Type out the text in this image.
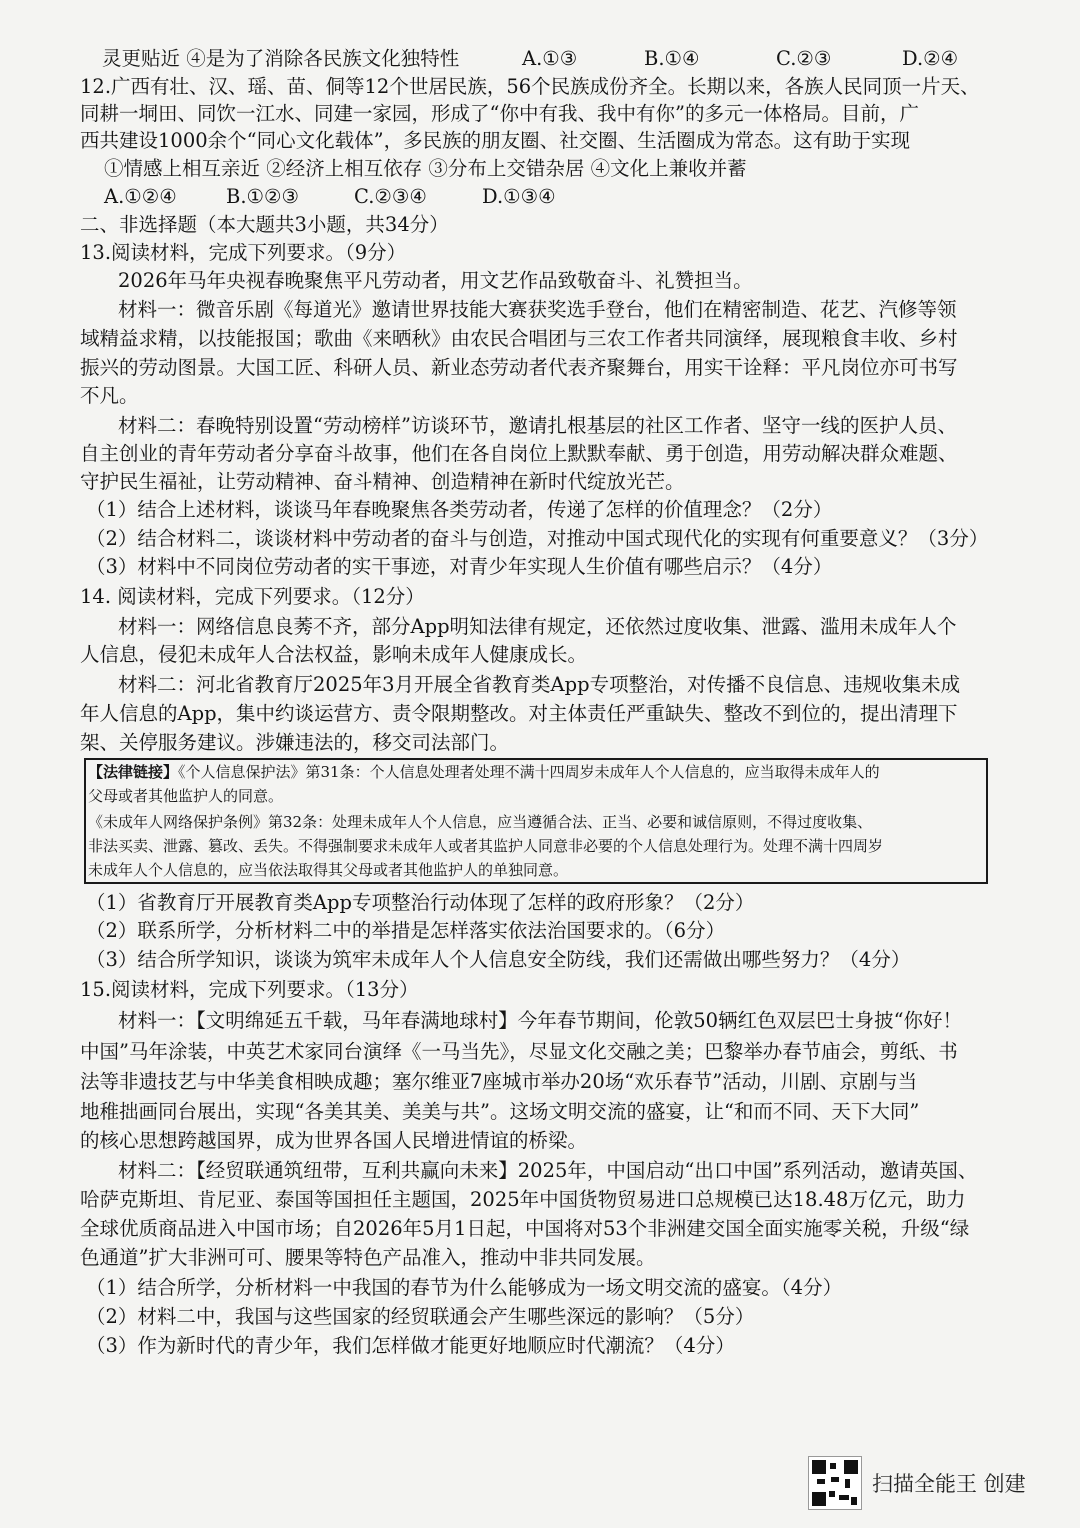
灵更贴近 ④是为了消除各民族文化独特性	A.①③	B.①④	C.②③	D.②④
12.广西有壮、汉、瑶、苗、侗等12个世居民族，56个民族成份齐全。长期以来，各族人民同顶一片天、
同耕一垌田、同饮一江水、同建一家园，形成了“你中有我、我中有你”的多元一体格局。目前，广
西共建设1000余个“同心文化载体”，多民族的朋友圈、社交圈、生活圈成为常态。这有助于实现
①情感上相互亲近 ②经济上相互依存 ③分布上交错杂居 ④文化上兼收并蓄
A.①②④	B.①②③	C.②③④	D.①③④
二、非选择题（本大题共3小题，共34分）
13.阅读材料，完成下列要求。（9分）
2026年马年央视春晚聚焦平凡劳动者，用文艺作品致敬奋斗、礼赞担当。
材料一：微音乐剧《每道光》邀请世界技能大赛获奖选手登台，他们在精密制造、花艺、汽修等领
域精益求精，以技能报国；歌曲《来晒秋》由农民合唱团与三农工作者共同演绎，展现粮食丰收、乡村
振兴的劳动图景。大国工匠、科研人员、新业态劳动者代表齐聚舞台，用实干诠释：平凡岗位亦可书写
不凡。
材料二：春晚特别设置“劳动榜样”访谈环节，邀请扎根基层的社区工作者、坚守一线的医护人员、
自主创业的青年劳动者分享奋斗故事，他们在各自岗位上默默奉献、勇于创造，用劳动解决群众难题、
守护民生福祉，让劳动精神、奋斗精神、创造精神在新时代绽放光芒。
（1）结合上述材料，谈谈马年春晚聚焦各类劳动者，传递了怎样的价值理念？（2分）
（2）结合材料二，谈谈材料中劳动者的奋斗与创造，对推动中国式现代化的实现有何重要意义？（3分）
（3）材料中不同岗位劳动者的实干事迹，对青少年实现人生价值有哪些启示？（4分）
14. 阅读材料，完成下列要求。（12分）
材料一：网络信息良莠不齐，部分App明知法律有规定，还依然过度收集、泄露、滥用未成年人个
人信息，侵犯未成年人合法权益，影响未成年人健康成长。
材料二：河北省教育厅2025年3月开展全省教育类App专项整治，对传播不良信息、违规收集未成
年人信息的App，集中约谈运营方、责令限期整改。对主体责任严重缺失、整改不到位的，提出清理下
架、关停服务建议。涉嫌违法的，移交司法部门。
【法律链接】《个人信息保护法》第31条：个人信息处理者处理不满十四周岁未成年人个人信息的，应当取得未成年人的
父母或者其他监护人的同意。
《未成年人网络保护条例》第32条：处理未成年人个人信息，应当遵循合法、正当、必要和诚信原则，不得过度收集、
非法买卖、泄露、篡改、丢失。不得强制要求未成年人或者其监护人同意非必要的个人信息处理行为。处理不满十四周岁
未成年人个人信息的，应当依法取得其父母或者其他监护人的单独同意。
（1）省教育厅开展教育类App专项整治行动体现了怎样的政府形象？（2分）
（2）联系所学，分析材料二中的举措是怎样落实依法治国要求的。（6分）
（3）结合所学知识，谈谈为筑牢未成年人个人信息安全防线，我们还需做出哪些努力？（4分）
15.阅读材料，完成下列要求。（13分）
材料一：【文明绵延五千载，马年春满地球村】今年春节期间，伦敦50辆红色双层巴士身披“你好！
中国”马年涂装，中英艺术家同台演绎《一马当先》，尽显文化交融之美；巴黎举办春节庙会，剪纸、书
法等非遗技艺与中华美食相映成趣；塞尔维亚7座城市举办20场“欢乐春节”活动，川剧、京剧与当
地稚拙画同台展出，实现“各美其美、美美与共”。这场文明交流的盛宴，让“和而不同、天下大同”
的核心思想跨越国界，成为世界各国人民增进情谊的桥梁。
材料二：【经贸联通筑纽带，互利共赢向未来】2025年，中国启动“出口中国”系列活动，邀请英国、
哈萨克斯坦、肯尼亚、泰国等国担任主题国，2025年中国货物贸易进口总规模已达18.48万亿元，助力
全球优质商品进入中国市场；自2026年5月1日起，中国将对53个非洲建交国全面实施零关税，升级“绿
色通道”扩大非洲可可、腰果等特色产品准入，推动中非共同发展。
（1）结合所学，分析材料一中我国的春节为什么能够成为一场文明交流的盛宴。（4分）
（2）材料二中，我国与这些国家的经贸联通会产生哪些深远的影响？（5分）
（3）作为新时代的青少年，我们怎样做才能更好地顺应时代潮流？（4分）
扫描全能王 创建
